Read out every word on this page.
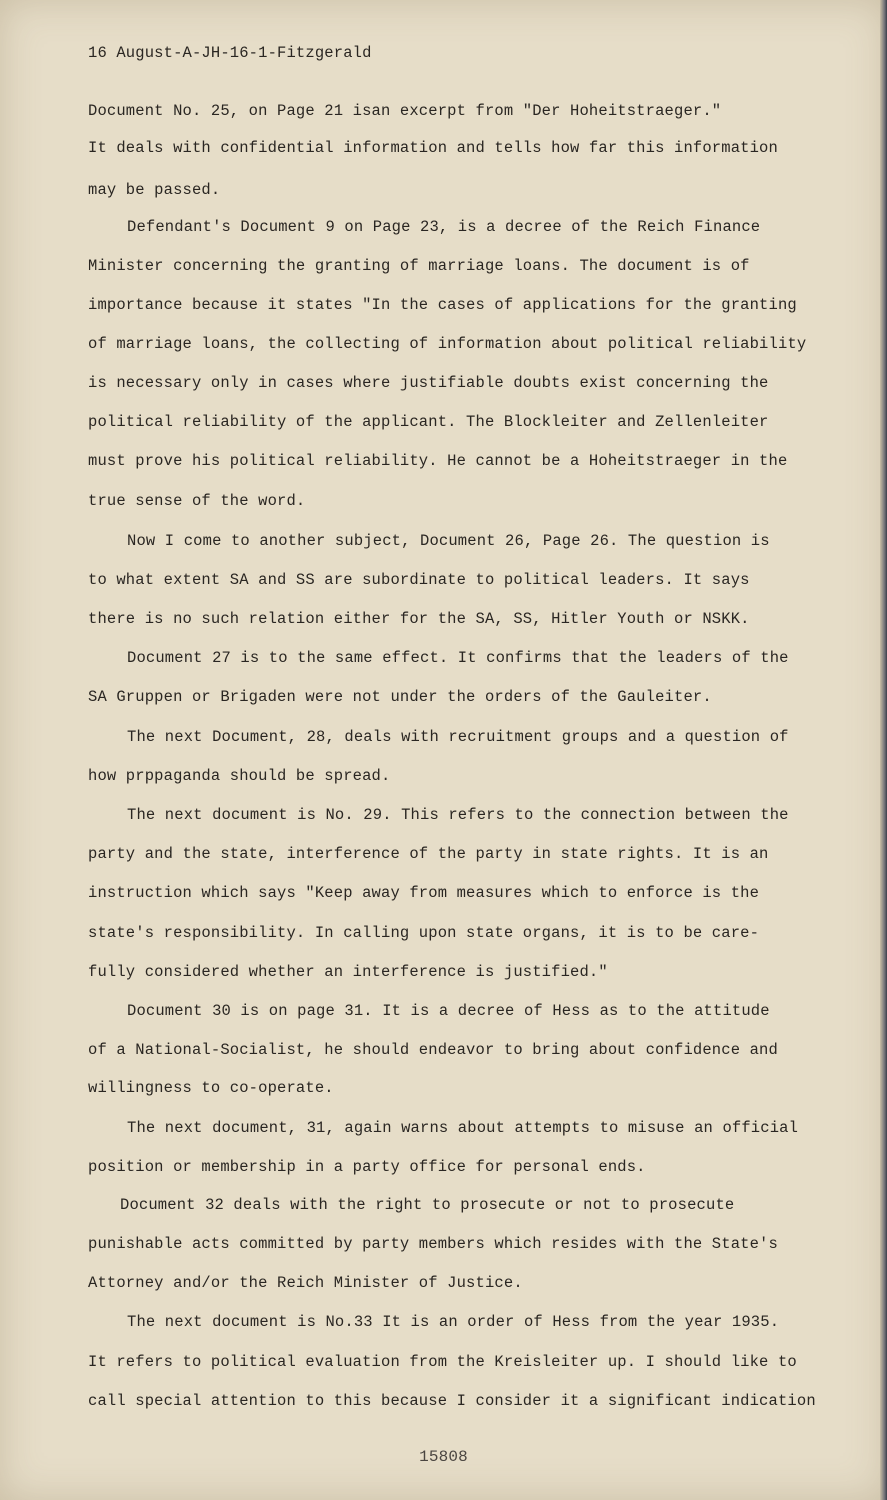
16 August-A-JH-16-1-Fitzgerald
Document No. 25, on Page 21 isan excerpt from "Der Hoheitstraeger."
It deals with confidential information and tells how far this information
may be passed.
Defendant's Document 9 on Page 23, is a decree of the Reich Finance
Minister concerning the granting of marriage loans. The document is of
importance because it states "In the cases of applications for the granting
of marriage loans, the collecting of information about political reliability
is necessary only in cases where justifiable doubts exist concerning the
political reliability of the applicant. The Blockleiter and Zellenleiter
must prove his political reliability. He cannot be a Hoheitstraeger in the
true sense of the word.
Now I come to another subject, Document 26, Page 26. The question is
to what extent SA and SS are subordinate to political leaders. It says
there is no such relation either for the SA, SS, Hitler Youth or NSKK.
Document 27 is to the same effect. It confirms that the leaders of the
SA Gruppen or Brigaden were not under the orders of the Gauleiter.
The next Document, 28, deals with recruitment groups and a question of
how prppaganda should be spread.
The next document is No. 29. This refers to the connection between the
party and the state, interference of the party in state rights. It is an
instruction which says "Keep away from measures which to enforce is the
state's responsibility. In calling upon state organs, it is to be care-
fully considered whether an interference is justified."
Document 30 is on page 31. It is a decree of Hess as to the attitude
of a National-Socialist, he should endeavor to bring about confidence and
willingness to co-operate.
The next document, 31, again warns about attempts to misuse an official
position or membership in a party office for personal ends.
Document 32 deals with the right to prosecute or not to prosecute
punishable acts committed by party members which resides with the State's
Attorney and/or the Reich Minister of Justice.
The next document is No.33 It is an order of Hess from the year 1935.
It refers to political evaluation from the Kreisleiter up. I should like to
call special attention to this because I consider it a significant indication
15808
